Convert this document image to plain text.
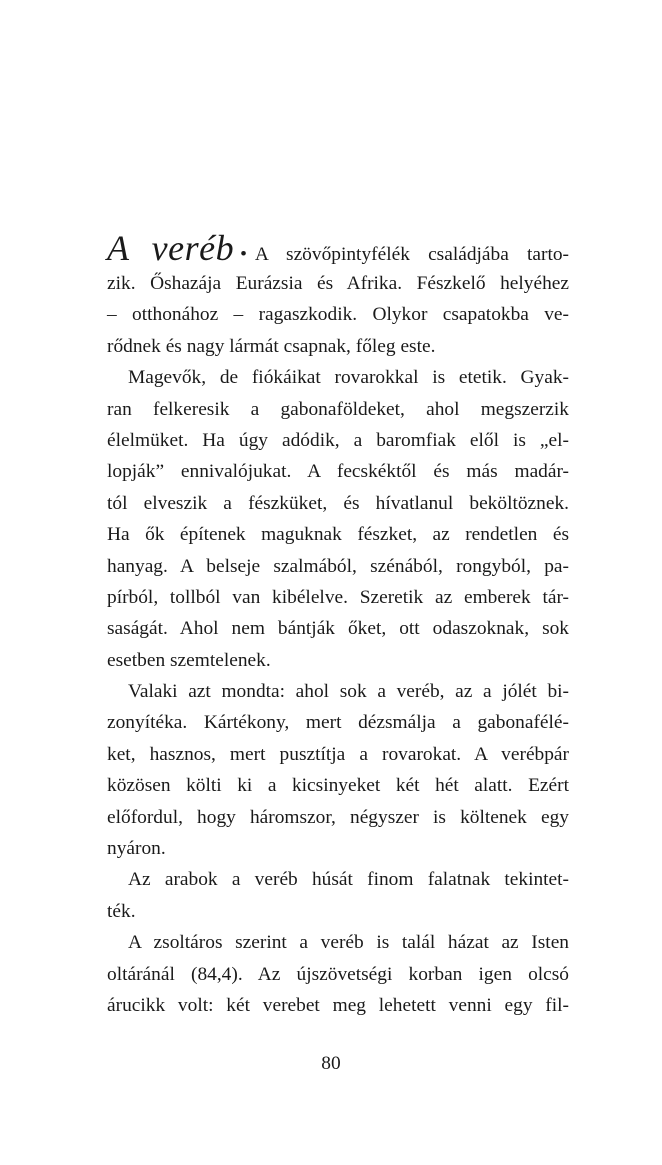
A veréb • A szövőpintyfélék családjába tarto-
zik. Őshazája Eurázsia és Afrika. Fészkelő helyéhez
– otthonához – ragaszkodik. Olykor csapatokba ve-
rődnek és nagy lármát csapnak, főleg este.
Magevők, de fiókáikat rovarokkal is etetik. Gyak-
ran felkeresik a gabonaföldeket, ahol megszerzik
élelmüket. Ha úgy adódik, a baromfiak elől is „el-
lopják” ennivalójukat. A fecskéktől és más madár-
tól elveszik a fészküket, és hívatlanul beköltöznek.
Ha ők építenek maguknak fészket, az rendetlen és
hanyag. A belseje szalmából, szénából, rongyból, pa-
pírból, tollból van kibélelve. Szeretik az emberek tár-
saságát. Ahol nem bántják őket, ott odaszoknak, sok
esetben szemtelenek.
Valaki azt mondta: ahol sok a veréb, az a jólét bi-
zonyítéka. Kártékony, mert dézsmálja a gabonafélé-
ket, hasznos, mert pusztítja a rovarokat. A verébpár
közösen költi ki a kicsinyeket két hét alatt. Ezért
előfordul, hogy háromszor, négyszer is költenek egy
nyáron.
Az arabok a veréb húsát finom falatnak tekintet-
ték.
A zsoltáros szerint a veréb is talál házat az Isten
oltáránál (84,4). Az újszövetségi korban igen olcsó
árucikk volt: két verebet meg lehetett venni egy fil-
80
